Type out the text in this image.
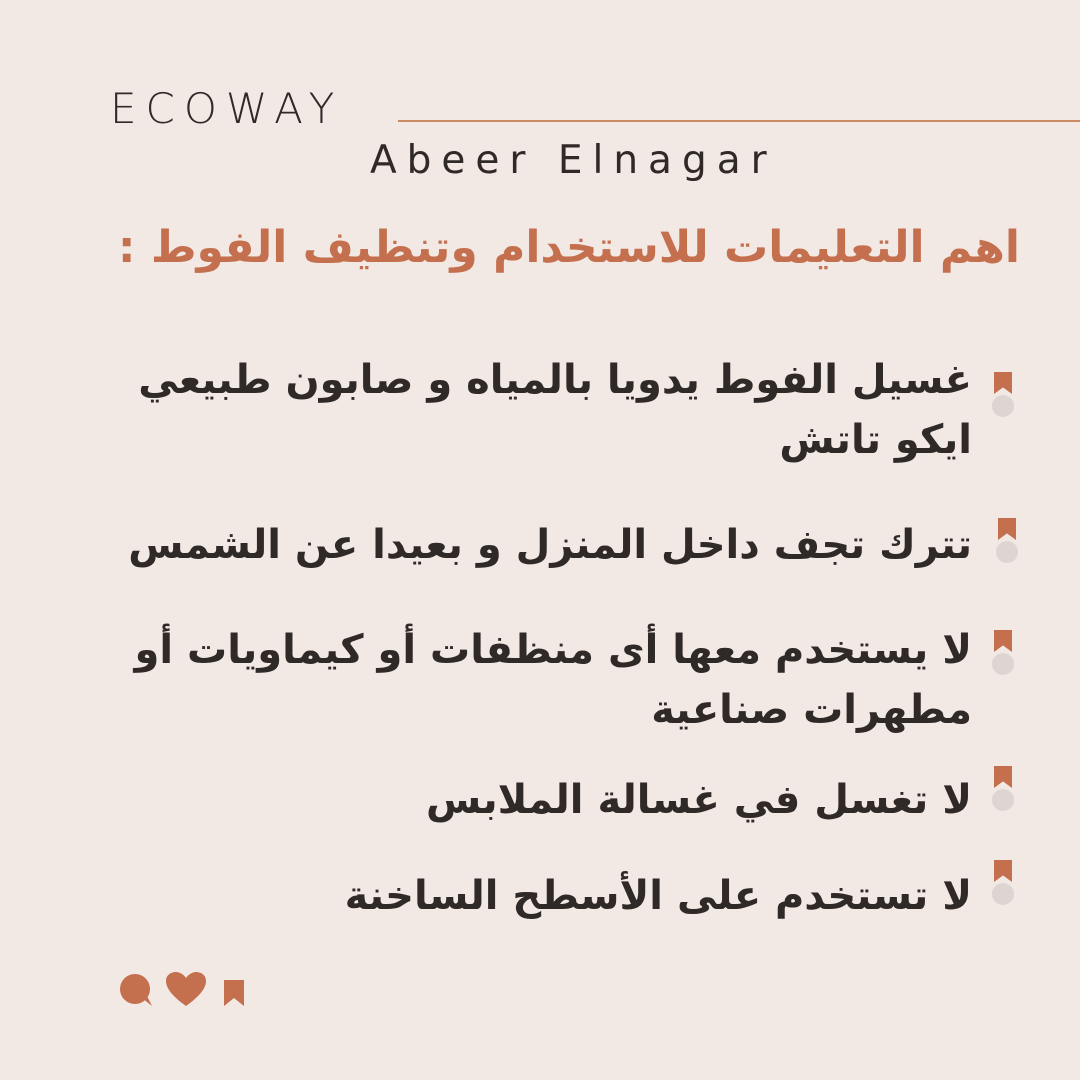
ECOWAY
Abeer Elnagar
اهم التعليمات للاستخدام وتنظيف الفوط :
غسيل الفوط يدويا بالمياه و صابون طبيعي ايكو تاتش
تترك تجف داخل المنزل و بعيدا عن الشمس
لا يستخدم معها أى منظفات أو كيماويات أو مطهرات صناعية
لا تغسل في غسالة الملابس
لا تستخدم على الأسطح الساخنة
